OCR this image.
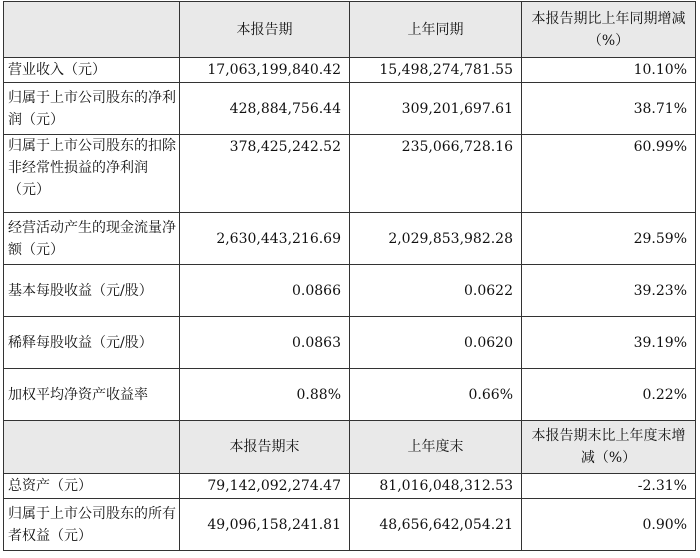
	本报告期	上年同期	本报告期比上年同期增减（%）
营业收入（元）	17,063,199,840.42	15,498,274,781.55	10.10%

归属于上市公司股东的净利润（元）	428,884,756.44	309,201,697.61	38.71%

归属于上市公司股东的扣除非经常性损益的净利润（元）	378,425,242.52	235,066,728.16	60.99%

经营活动产生的现金流量净额（元）	2,630,443,216.69	2,029,853,982.28	29.59%

基本每股收益（元/股）	0.0866	0.0622	39.23%

稀释每股收益（元/股）	0.0863	0.0620	39.19%

加权平均净资产收益率	0.88%	0.66%	0.22%
	本报告期末	上年度末	本报告期末比上年度末增减（%）
总资产（元）	79,142,092,274.47	81,016,048,312.53	-2.31%

归属于上市公司股东的所有者权益（元）	49,096,158,241.81	48,656,642,054.21	0.90%
